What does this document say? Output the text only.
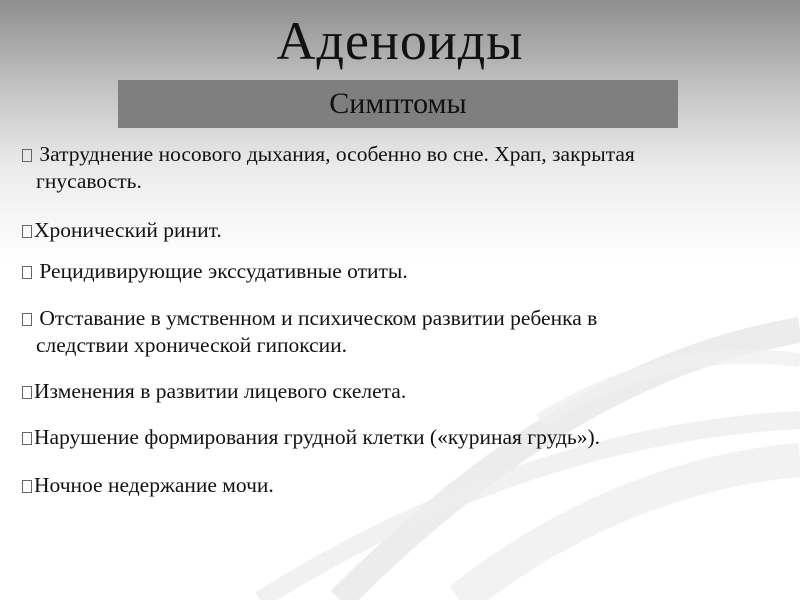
Аденоиды
Симптомы
Затруднение носового дыхания, особенно во сне. Храп, закрытая
гнусавость.
Хронический ринит.
Рецидивирующие экссудативные отиты.
Отставание в умственном и психическом развитии ребенка в
следствии хронической гипоксии.
Изменения в развитии лицевого скелета.
Нарушение формирования грудной клетки («куриная грудь»).
Ночное недержание мочи.
